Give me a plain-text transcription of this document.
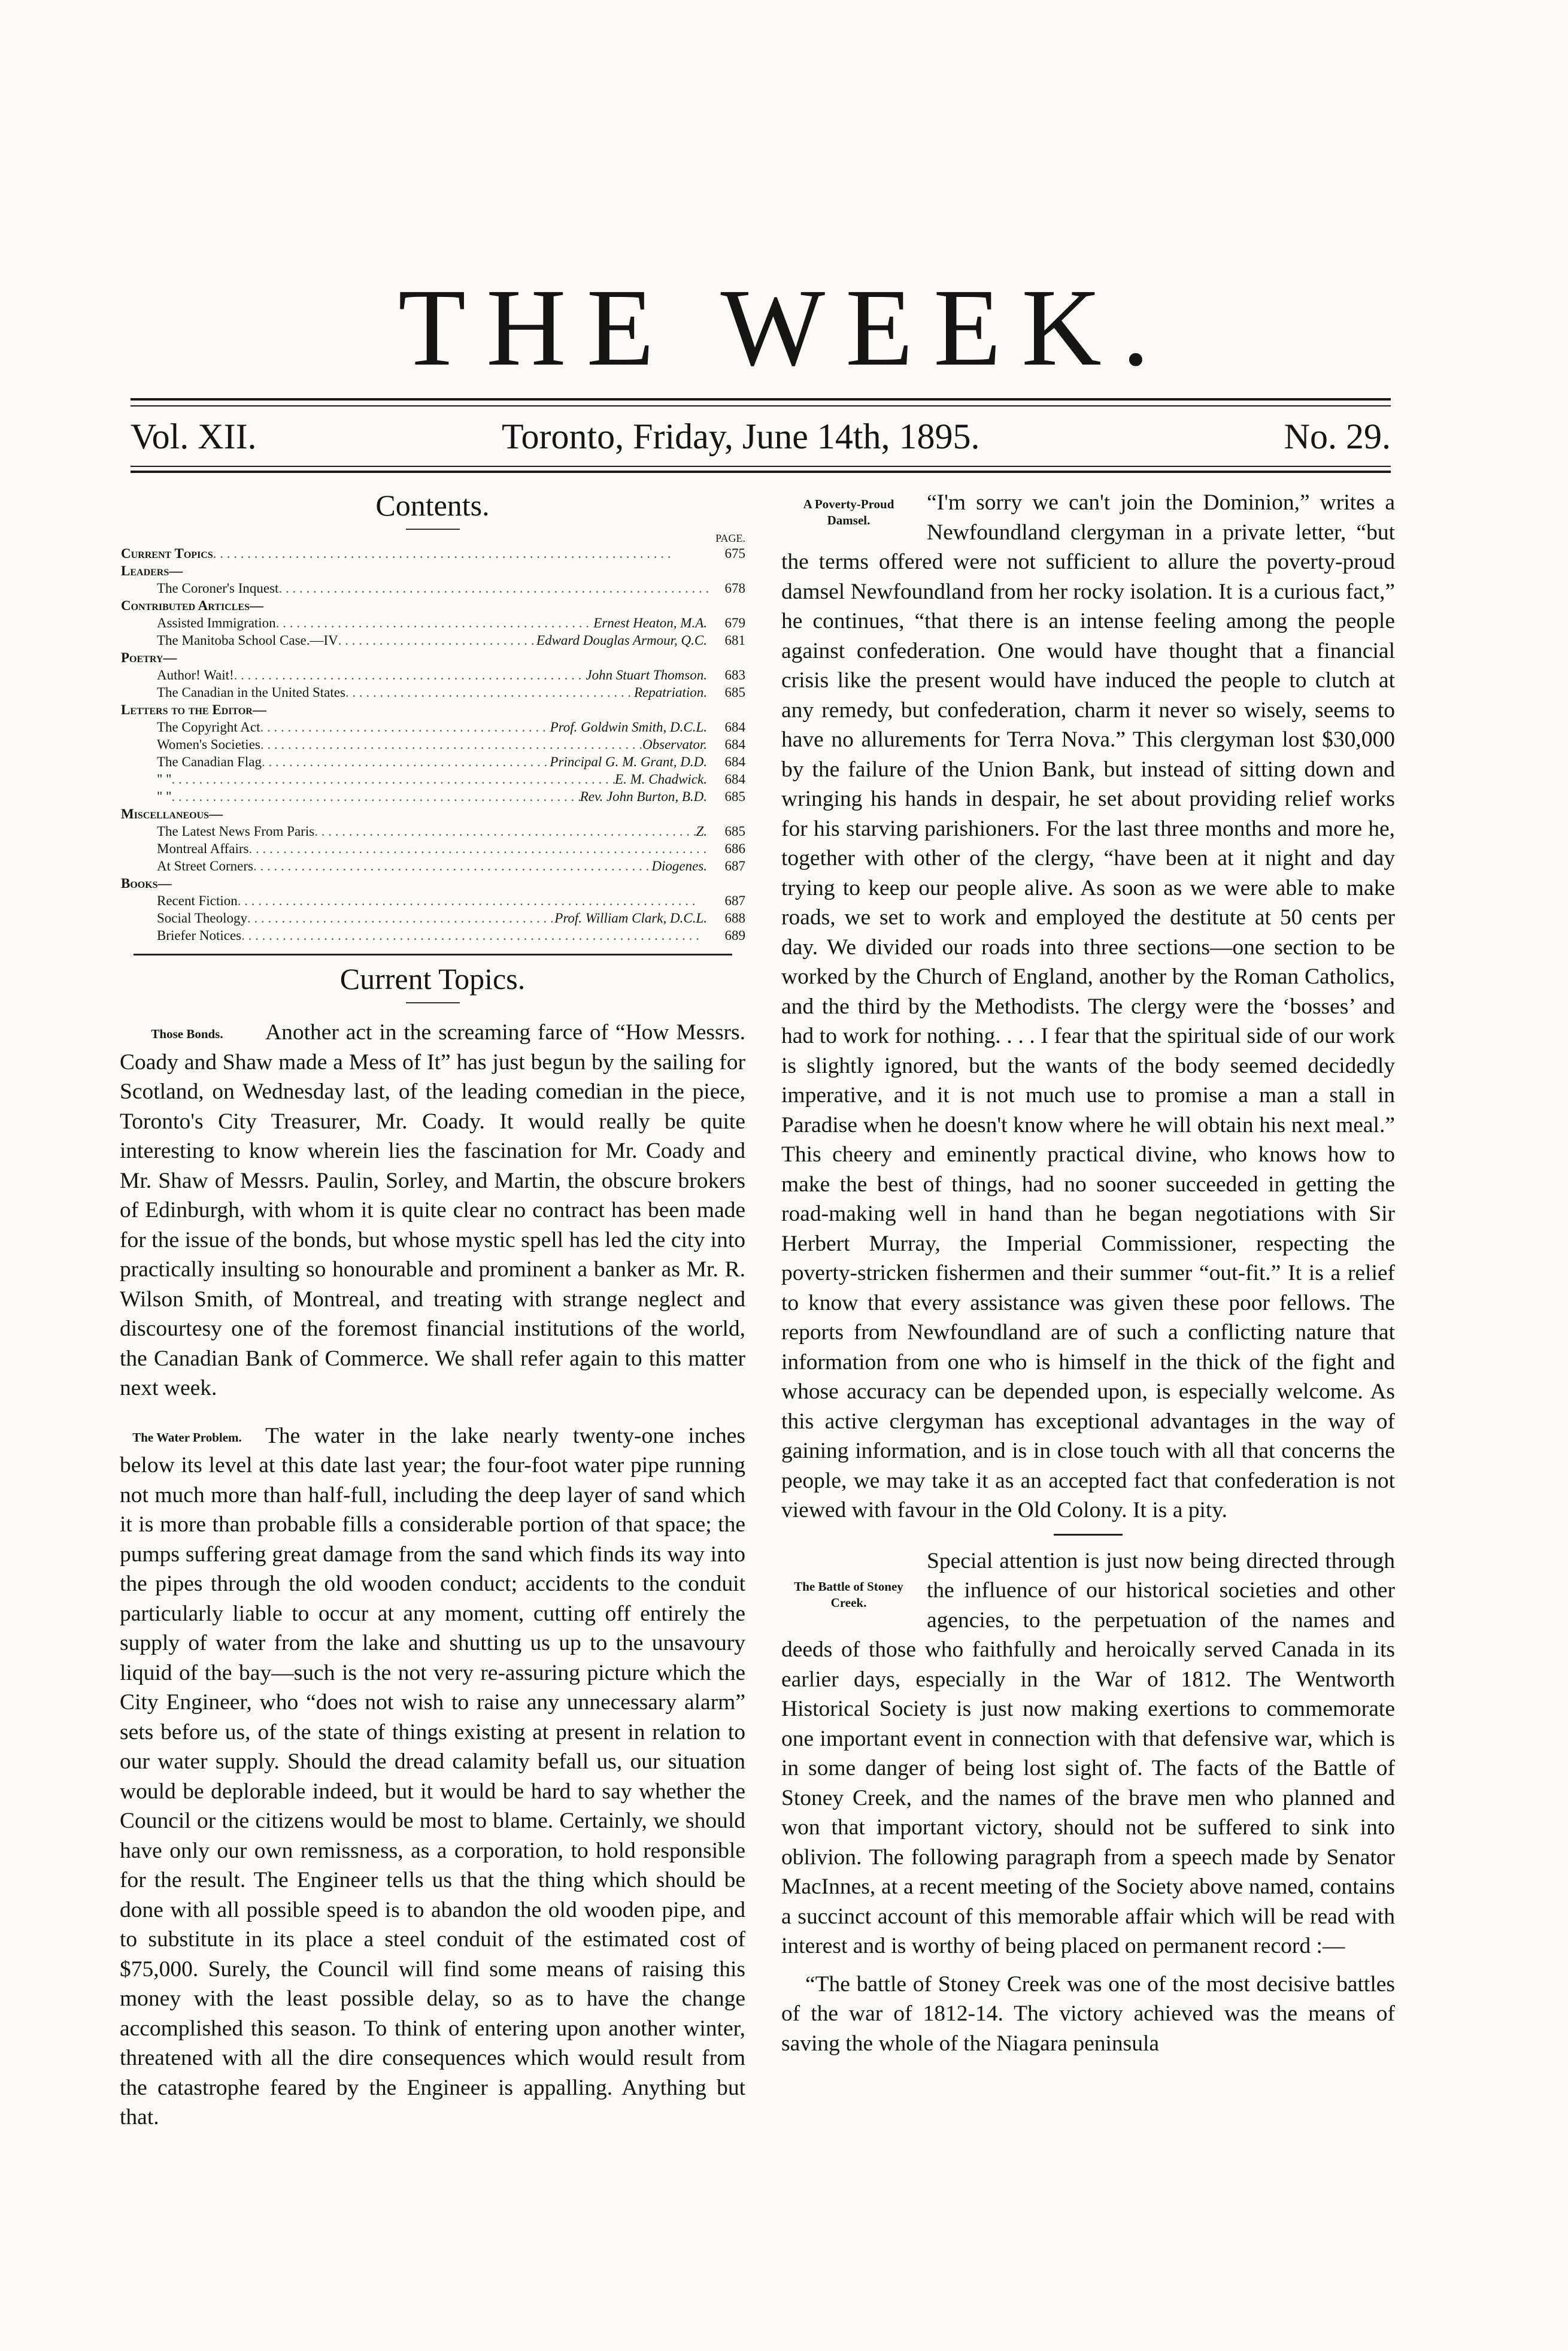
THE WEEK.
Vol. XII.	Toronto, Friday, June 14th, 1895.	No. 29.
Contents.
PAGE.
Current Topics . . .	675
Leaders—
The Coroner's Inquest . . .	678
Contributed Articles—
Assisted Immigration . . .	Ernest Heaton, M.A.	679
The Manitoba School Case.—IV . . .	Edward Douglas Armour, Q.C.	681
Poetry—
Author! Wait! . . .	John Stuart Thomson.	683
The Canadian in the United States . . .	Repatriation.	685
Letters to the Editor—
The Copyright Act . . .	Prof. Goldwin Smith, D.C.L.	684
Women's Societies . . .	Observator.	684
The Canadian Flag . . .	Principal G. M. Grant, D.D.	684
" " . . .	E. M. Chadwick.	684
" " . . .	Rev. John Burton, B.D.	685
Miscellaneous—
The Latest News From Paris . . .	Z.	685
Montreal Affairs . . .	686
At Street Corners . . .	Diogenes.	687
Books—
Recent Fiction . . .	687
Social Theology . . .	Prof. William Clark, D.C.L.	688
Briefer Notices . . .	689
Current Topics.
Those Bonds.	Another act in the screaming farce of “How Messrs. Coady and Shaw made a Mess of It” has just begun by the sailing for Scotland, on Wednesday last, of the leading comedian in the piece, Toronto's City Treasurer, Mr. Coady. It would really be quite interesting to know wherein lies the fascination for Mr. Coady and Mr. Shaw of Messrs. Paulin, Sorley, and Martin, the obscure brokers of Edinburgh, with whom it is quite clear no contract has been made for the issue of the bonds, but whose mystic spell has led the city into practically insulting so honourable and prominent a banker as Mr. R. Wilson Smith, of Montreal, and treating with strange neglect and discourtesy one of the foremost financial institutions of the world, the Canadian Bank of Commerce. We shall refer again to this matter next week.

The Water Problem.	The water in the lake nearly twenty-one inches below its level at this date last year; the four-foot water pipe running not much more than half-full, including the deep layer of sand which it is more than probable fills a considerable portion of that space; the pumps suffering great damage from the sand which finds its way into the pipes through the old wooden conduct; accidents to the conduit particularly liable to occur at any moment, cutting off entirely the supply of water from the lake and shutting us up to the unsavoury liquid of the bay—such is the not very re-assuring picture which the City Engineer, who “does not wish to raise any unnecessary alarm” sets before us, of the state of things existing at present in relation to our water supply. Should the dread calamity befall us, our situation would be deplorable indeed, but it would be hard to say whether the Council or the citizens would be most to blame. Certainly, we should have only our own remissness, as a corporation, to hold responsible for the result. The Engineer tells us that the thing which should be done with all possible speed is to abandon the old wooden pipe, and to substitute in its place a steel conduit of the estimated cost of $75,000. Surely, the Council will find some means of raising this money with the least possible delay, so as to have the change accomplished this season. To think of entering upon another winter, threatened with all the dire consequences which would result from the catastrophe feared by the Engineer is appalling. Anything but that.

A Poverty-Proud Damsel.

“I'm sorry we can't join the Dominion,” writes a Newfoundland clergyman in a private letter, “but the terms offered were not sufficient to allure the poverty-proud damsel Newfoundland from her rocky isolation. It is a curious fact,” he continues, “that there is an intense feeling among the people against confederation. One would have thought that a financial crisis like the present would have induced the people to clutch at any remedy, but confederation, charm it never so wisely, seems to have no allurements for Terra Nova.” This clergyman lost $30,000 by the failure of the Union Bank, but instead of sitting down and wringing his hands in despair, he set about providing relief works for his starving parishioners. For the last three months and more he, together with other of the clergy, “have been at it night and day trying to keep our people alive. As soon as we were able to make roads, we set to work and employed the destitute at 50 cents per day. We divided our roads into three sections—one section to be worked by the Church of England, another by the Roman Catholics, and the third by the Methodists. The clergy were the ‘bosses’ and had to work for nothing. . . . I fear that the spiritual side of our work is slightly ignored, but the wants of the body seemed decidedly imperative, and it is not much use to promise a man a stall in Paradise when he doesn't know where he will obtain his next meal.” This cheery and eminently practical divine, who knows how to make the best of things, had no sooner succeeded in getting the road-making well in hand than he began negotiations with Sir Herbert Murray, the Imperial Commissioner, respecting the poverty-stricken fishermen and their summer “out-fit.” It is a relief to know that every assistance was given these poor fellows. The reports from Newfoundland are of such a conflicting nature that information from one who is himself in the thick of the fight and whose accuracy can be depended upon, is especially welcome. As this active clergyman has exceptional advantages in the way of gaining information, and is in close touch with all that concerns the people, we may take it as an accepted fact that confederation is not viewed with favour in the Old Colony. It is a pity.

The Battle of Stoney Creek.

Special attention is just now being directed through the influence of our historical societies and other agencies, to the perpetuation of the names and deeds of those who faithfully and heroically served Canada in its earlier days, especially in the War of 1812. The Wentworth Historical Society is just now making exertions to commemorate one important event in connection with that defensive war, which is in some danger of being lost sight of. The facts of the Battle of Stoney Creek, and the names of the brave men who planned and won that important victory, should not be suffered to sink into oblivion. The following paragraph from a speech made by Senator MacInnes, at a recent meeting of the Society above named, contains a succinct account of this memorable affair which will be read with interest and is worthy of being placed on permanent record :—

“The battle of Stoney Creek was one of the most decisive battles of the war of 1812-14. The victory achieved was the means of saving the whole of the Niagara peninsula
